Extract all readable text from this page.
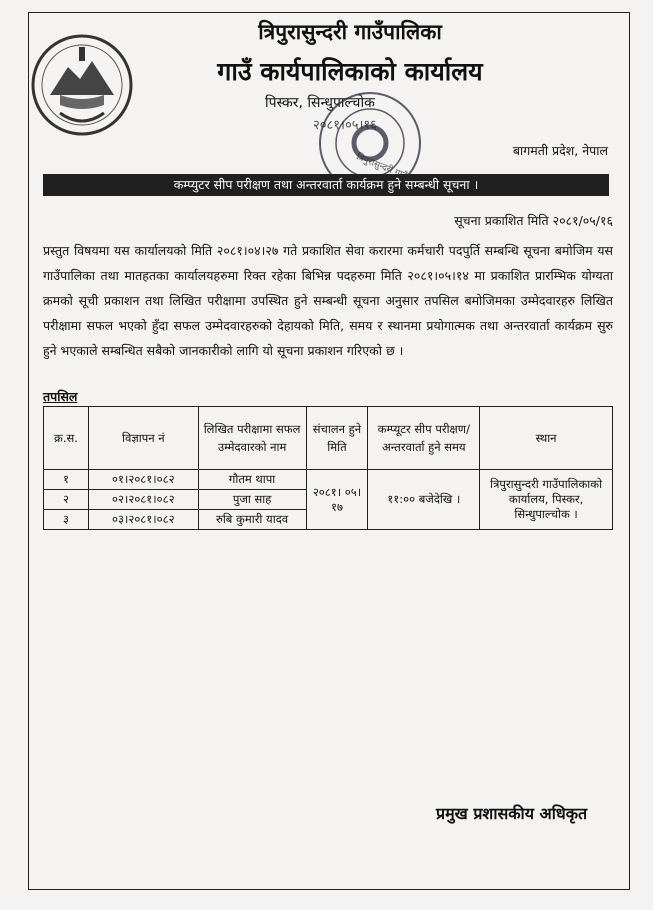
त्रिपुरासुन्दरी गाउँपालिका
गाउँ कार्यपालिकाको कार्यालय
पिस्कर, सिन्धुपाल्चोक
२०८१।०५।१६
बागमती प्रदेश, नेपाल
कम्प्युटर सीप परीक्षण तथा अन्तरवार्ता कार्यक्रम हुने सम्बन्धी सूचना ।
सूचना प्रकाशित मिति २०८१/०५/१६
प्रस्तुत विषयमा यस कार्यालयको मिति २०८१।०४।२७ गते प्रकाशित सेवा करारमा कर्मचारी पदपुर्ति सम्बन्धि सूचना बमोजिम यस गाउँपालिका तथा मातहतका कार्यालयहरुमा रिक्त रहेका बिभिन्न पदहरुमा मिति २०८१।०५।१४ मा प्रकाशित प्रारम्भिक योग्यता क्रमको सूची प्रकाशन तथा लिखित परीक्षामा उपस्थित हुने सम्बन्धी सूचना अनुसार तपसिल बमोजिमका उम्मेदवारहरु लिखित परीक्षामा सफल भएको हुँदा सफल उम्मेदवारहरुको देहायको मिति, समय र स्थानमा प्रयोगात्मक तथा अन्तरवार्ता कार्यक्रम सुरु हुने भएकाले सम्बन्धित सबैको जानकारीको लागि यो सूचना प्रकाशन गरिएको छ ।
तपसिल
क्र.स.	विज्ञापन नं	लिखित परीक्षामा सफल उम्मेदवारको नाम	संचालन हुने मिति	कम्प्यूटर सीप परीक्षण/अन्तरवार्ता हुने समय	स्थान
१	०१।२०८१।०८२	गौतम थापा	२०८१। ०५।१७	११:०० बजेदेखि ।	त्रिपुरासुन्दरी गाउँपालिकाको कार्यालय, पिस्कर, सिन्धुपाल्चोक ।
२	०२।२०८१।०८२	पुजा साह			
३	०३।२०८१।०८२	रुबि कुमारी यादव			
प्रमुख प्रशासकीय अधिकृत
